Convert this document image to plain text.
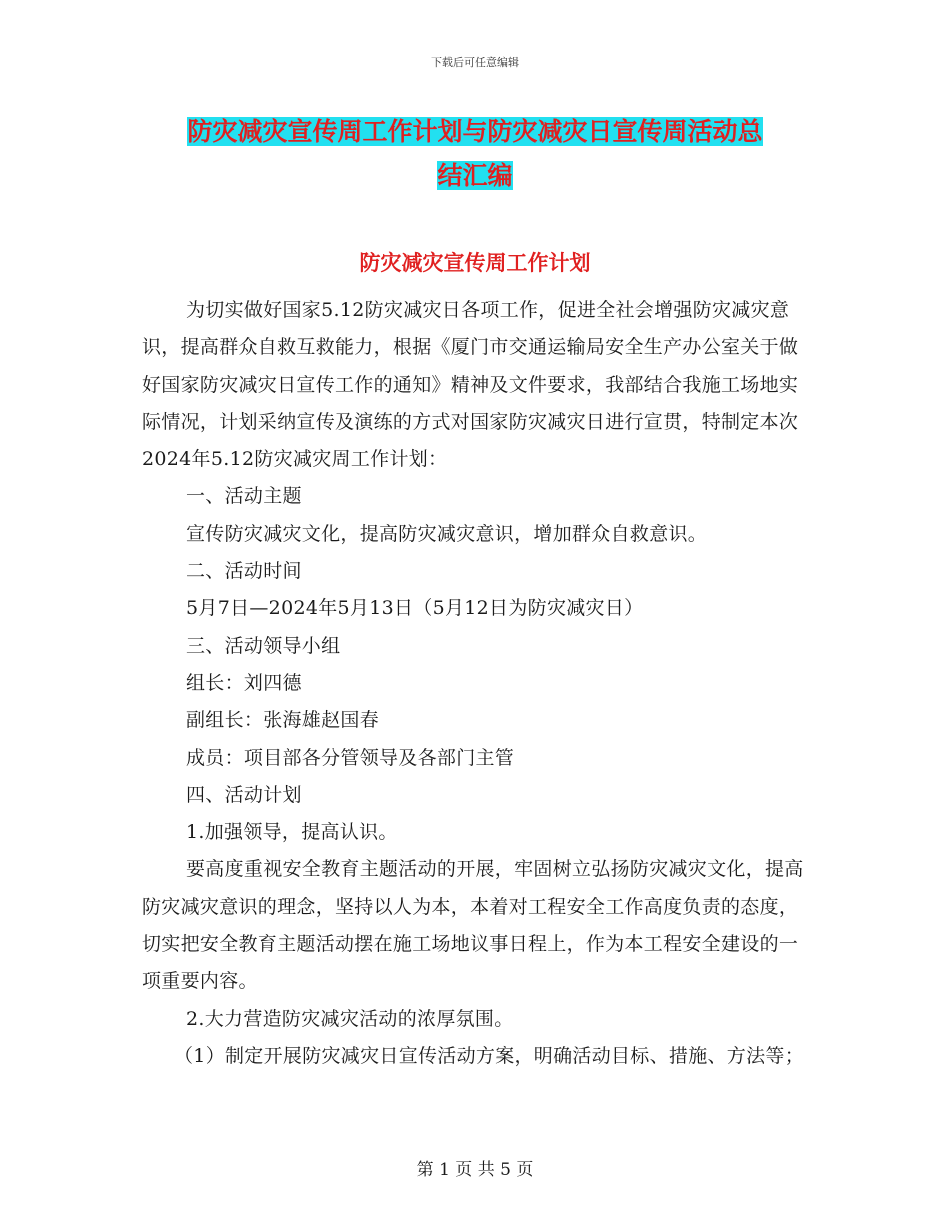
下载后可任意编辑
防灾减灾宣传周工作计划与防灾减灾日宣传周活动总
结汇编
防灾减灾宣传周工作计划

为切实做好国家5.12防灾减灾日各项工作，促进全社会增强防灾减灾意识，提高群众自救互救能力，根据《厦门市交通运输局安全生产办公室关于做好国家防灾减灾日宣传工作的通知》精神及文件要求，我部结合我施工场地实际情况，计划采纳宣传及演练的方式对国家防灾减灾日进行宣贯，特制定本次2024年5.12防灾减灾周工作计划：

一、活动主题

宣传防灾减灾文化，提高防灾减灾意识，增加群众自救意识。

二、活动时间

5月7日—2024年5月13日（5月12日为防灾减灾日）

三、活动领导小组

组长：刘四德

副组长：张海雄赵国春

成员：项目部各分管领导及各部门主管

四、活动计划

1.加强领导，提高认识。

要高度重视安全教育主题活动的开展，牢固树立弘扬防灾减灾文化，提高防灾减灾意识的理念，坚持以人为本，本着对工程安全工作高度负责的态度，切实把安全教育主题活动摆在施工场地议事日程上，作为本工程安全建设的一项重要内容。

2.大力营造防灾减灾活动的浓厚氛围。

（1）制定开展防灾减灾日宣传活动方案，明确活动目标、措施、方法等；

第 1 页 共 5 页
